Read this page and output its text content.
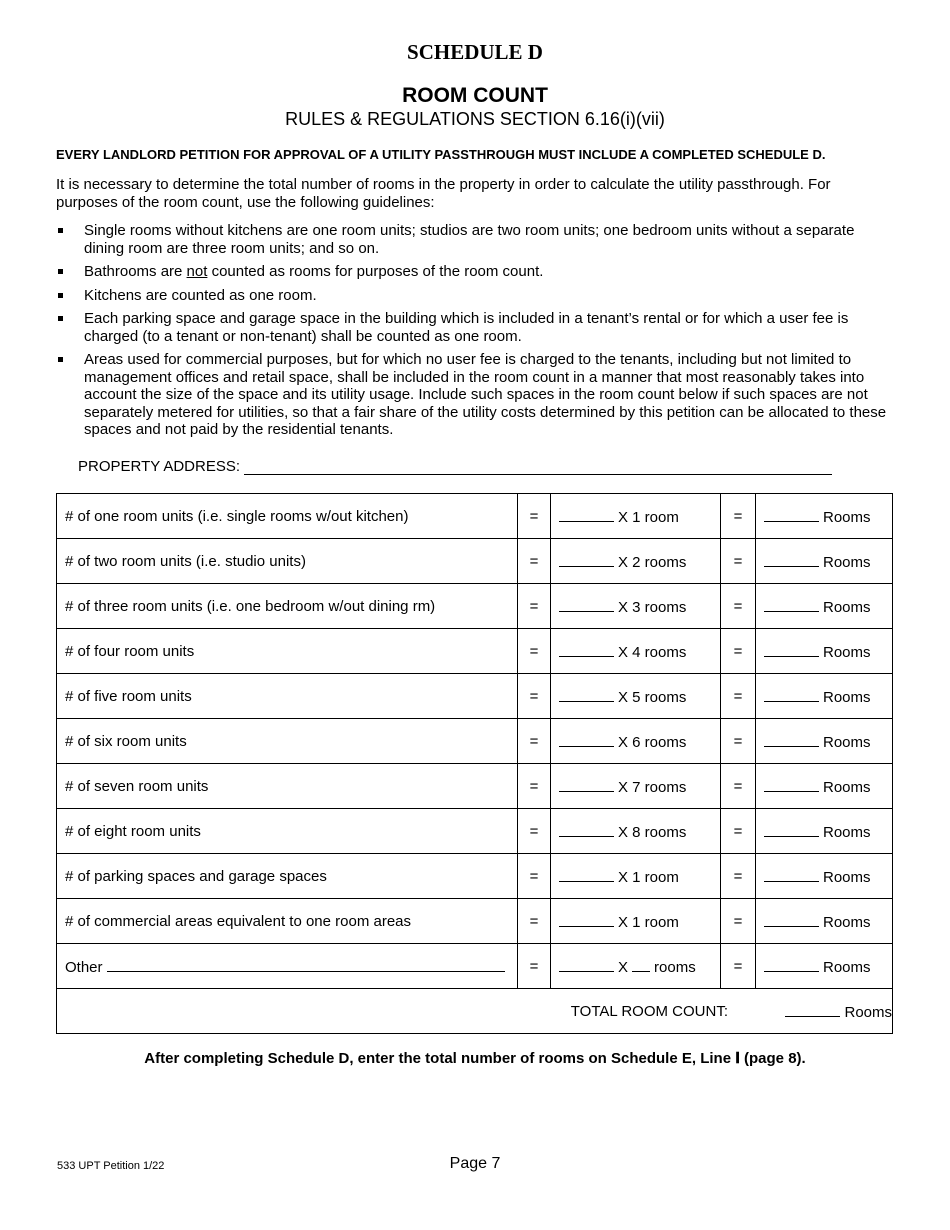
SCHEDULE D
ROOM COUNT
RULES & REGULATIONS SECTION 6.16(i)(vii)
EVERY LANDLORD PETITION FOR APPROVAL OF A UTILITY PASSTHROUGH MUST INCLUDE A COMPLETED SCHEDULE D.
It is necessary to determine the total number of rooms in the property in order to calculate the utility passthrough. For purposes of the room count, use the following guidelines:
Single rooms without kitchens are one room units; studios are two room units; one bedroom units without a separate dining room are three room units; and so on.
Bathrooms are not counted as rooms for purposes of the room count.
Kitchens are counted as one room.
Each parking space and garage space in the building which is included in a tenant’s rental or for which a user fee is charged (to a tenant or non-tenant) shall be counted as one room.
Areas used for commercial purposes, but for which no user fee is charged to the tenants, including but not limited to management offices and retail space, shall be included in the room count in a manner that most reasonably takes into account the size of the space and its utility usage. Include such spaces in the room count below if such spaces are not separately metered for utilities, so that a fair share of the utility costs determined by this petition can be allocated to these spaces and not paid by the residential tenants.
PROPERTY ADDRESS:
# of one room units (i.e. single rooms w/out kitchen)	=	X 1 room	=	Rooms
# of two room units (i.e. studio units)	=	X 2 rooms	=	Rooms
# of three room units (i.e. one bedroom w/out dining rm)	=	X 3 rooms	=	Rooms
# of four room units	=	X 4 rooms	=	Rooms
# of five room units	=	X 5 rooms	=	Rooms
# of six room units	=	X 6 rooms	=	Rooms
# of seven room units	=	X 7 rooms	=	Rooms
# of eight room units	=	X 8 rooms	=	Rooms
# of parking spaces and garage spaces	=	X 1 room	=	Rooms
# of commercial areas equivalent to one room areas	=	X 1 room	=	Rooms
Other	=	X rooms	=	Rooms

TOTAL ROOM COUNT: Rooms				
After completing Schedule D, enter the total number of rooms on Schedule E, Line 𝐈 (page 8).
533 UPT Petition 1/22	Page 7
